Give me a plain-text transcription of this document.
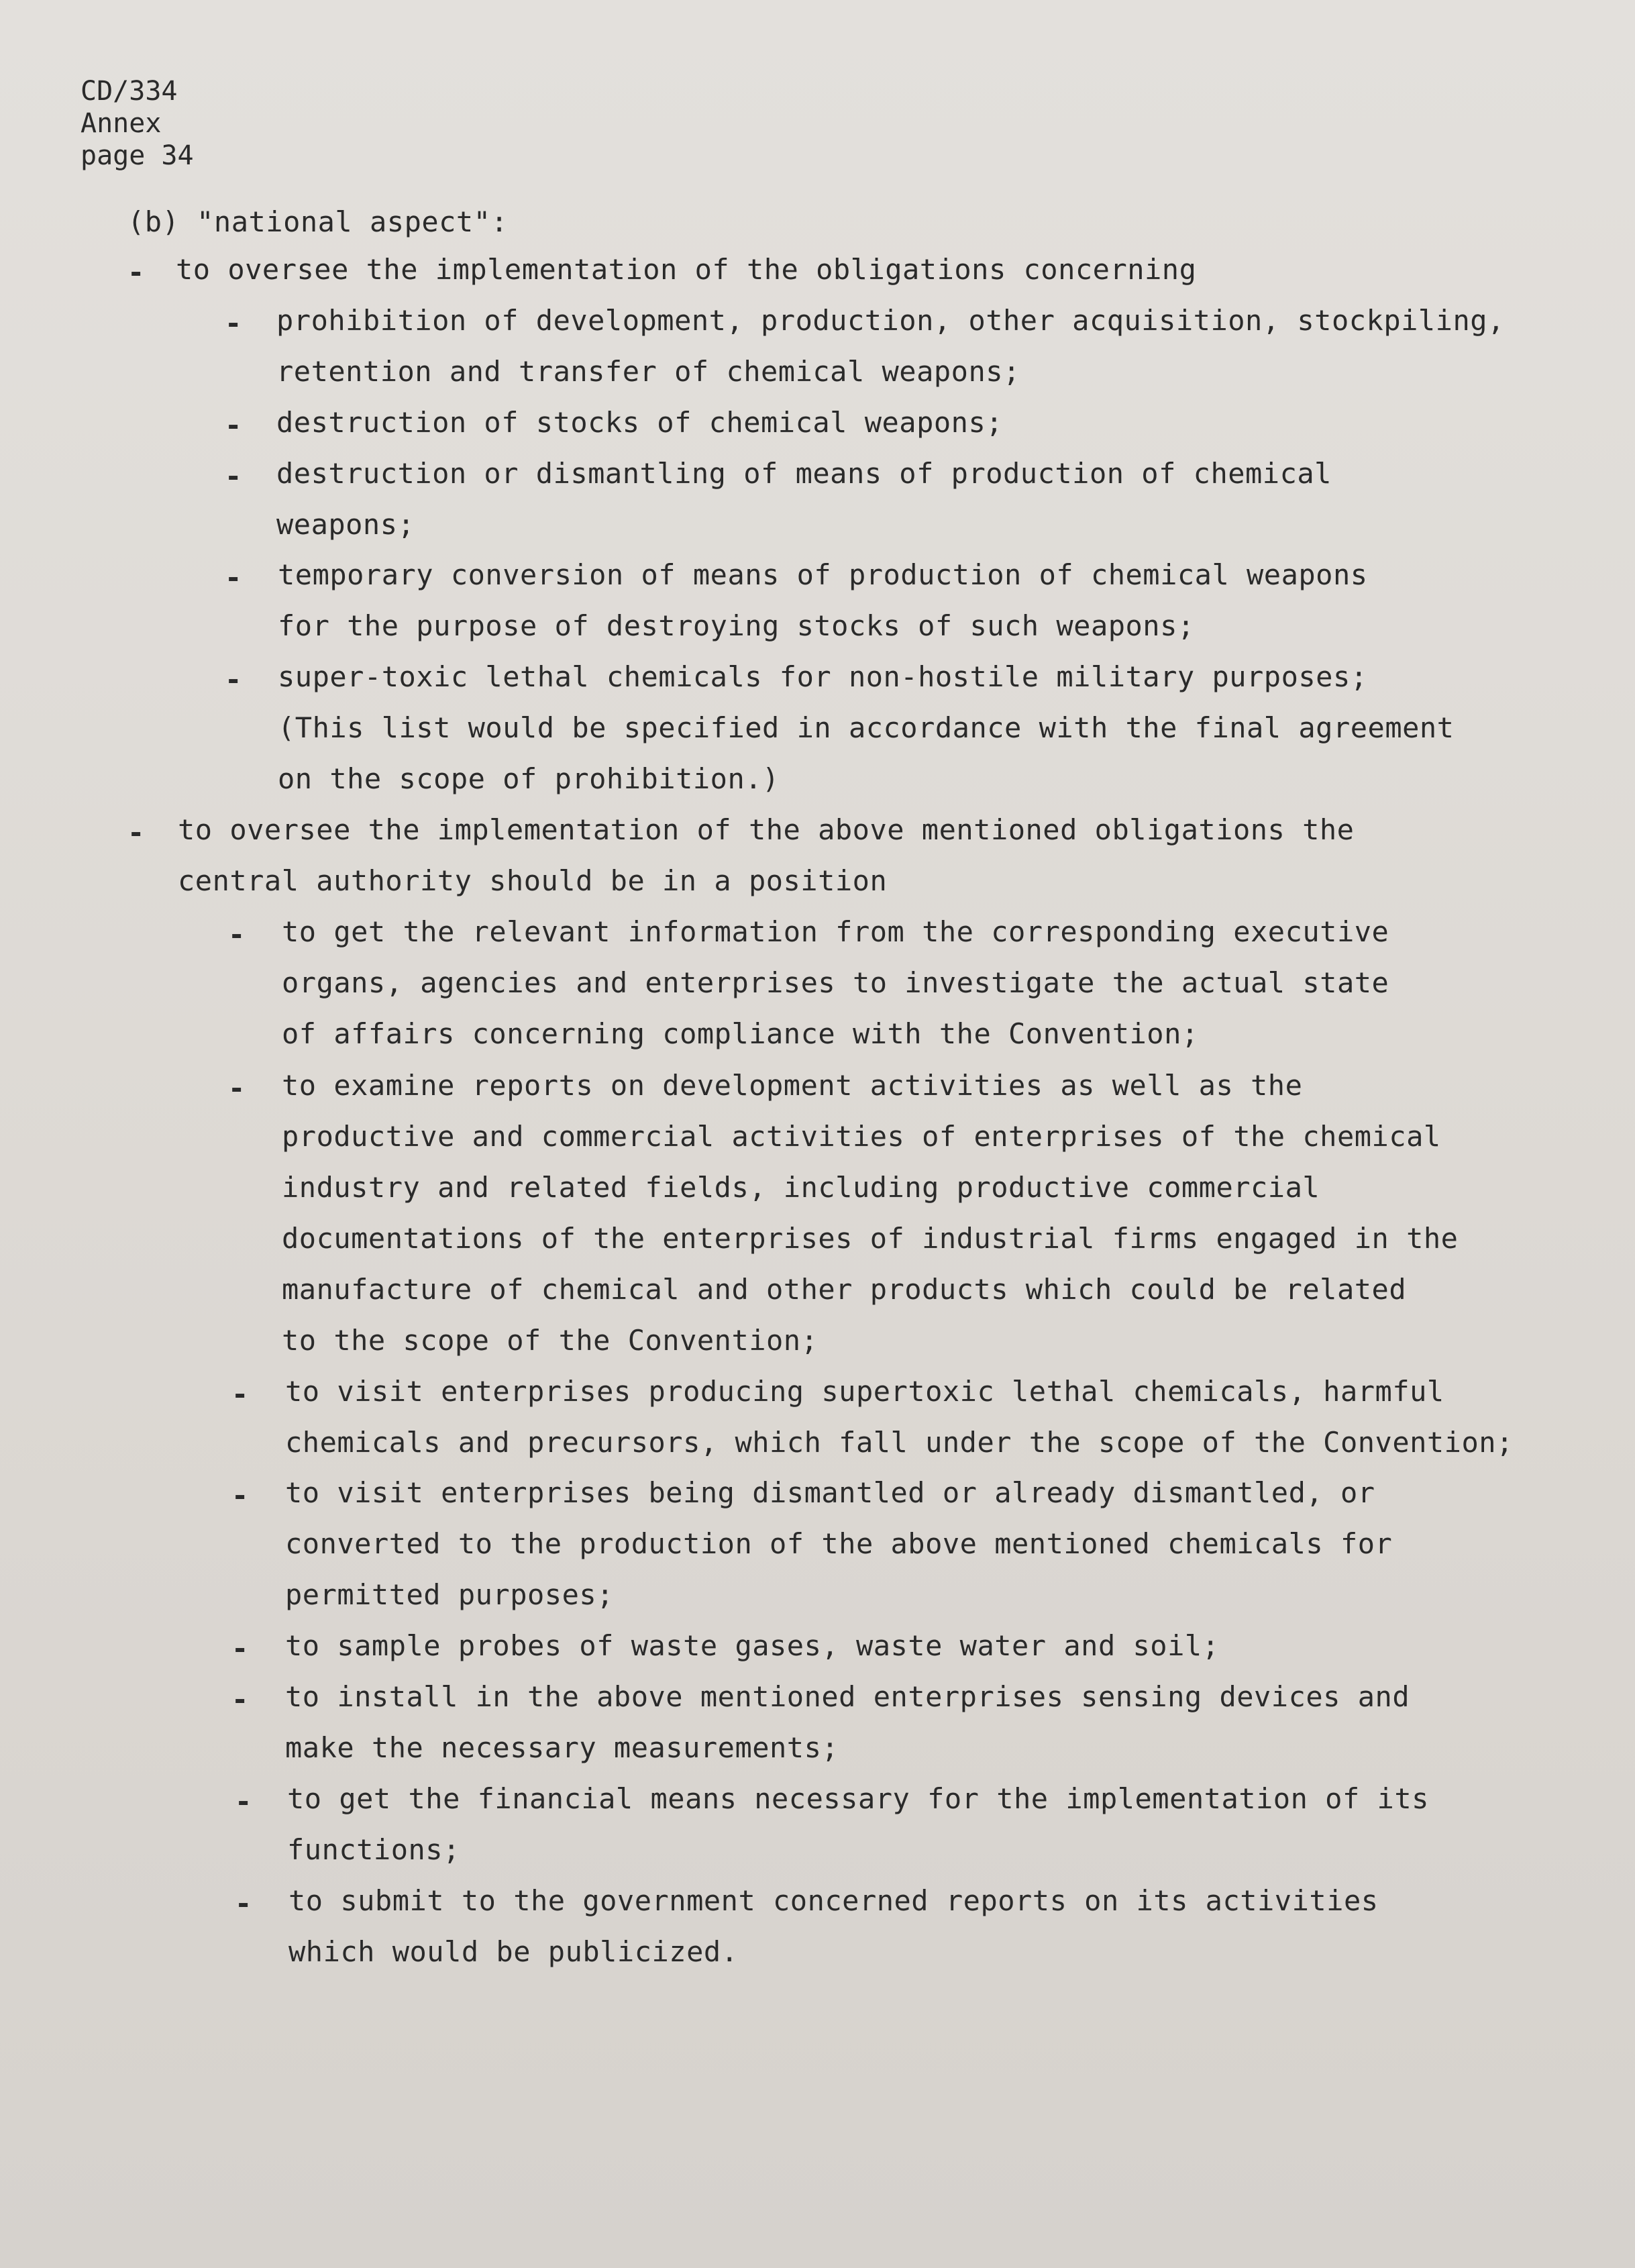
CD/334
Annex
page 34
(b) "national aspect":
- to oversee the implementation of the obligations concerning
- prohibition of development, production, other acquisition, stockpiling,
retention and transfer of chemical weapons;
- destruction of stocks of chemical weapons;
- destruction or dismantling of means of production of chemical
weapons;
- temporary conversion of means of production of chemical weapons
for the purpose of destroying stocks of such weapons;
- super-toxic lethal chemicals for non-hostile military purposes;
(This list would be specified in accordance with the final agreement
on the scope of prohibition.)
- to oversee the implementation of the above mentioned obligations the
central authority should be in a position
- to get the relevant information from the corresponding executive
organs, agencies and enterprises to investigate the actual state
of affairs concerning compliance with the Convention;
- to examine reports on development activities as well as the
productive and commercial activities of enterprises of the chemical
industry and related fields, including productive commercial
documentations of the enterprises of industrial firms engaged in the
manufacture of chemical and other products which could be related
to the scope of the Convention;
- to visit enterprises producing supertoxic lethal chemicals, harmful
chemicals and precursors, which fall under the scope of the Convention;
- to visit enterprises being dismantled or already dismantled, or
converted to the production of the above mentioned chemicals for
permitted purposes;
- to sample probes of waste gases, waste water and soil;
- to install in the above mentioned enterprises sensing devices and
make the necessary measurements;
- to get the financial means necessary for the implementation of its
functions;
- to submit to the government concerned reports on its activities
which would be publicized.
